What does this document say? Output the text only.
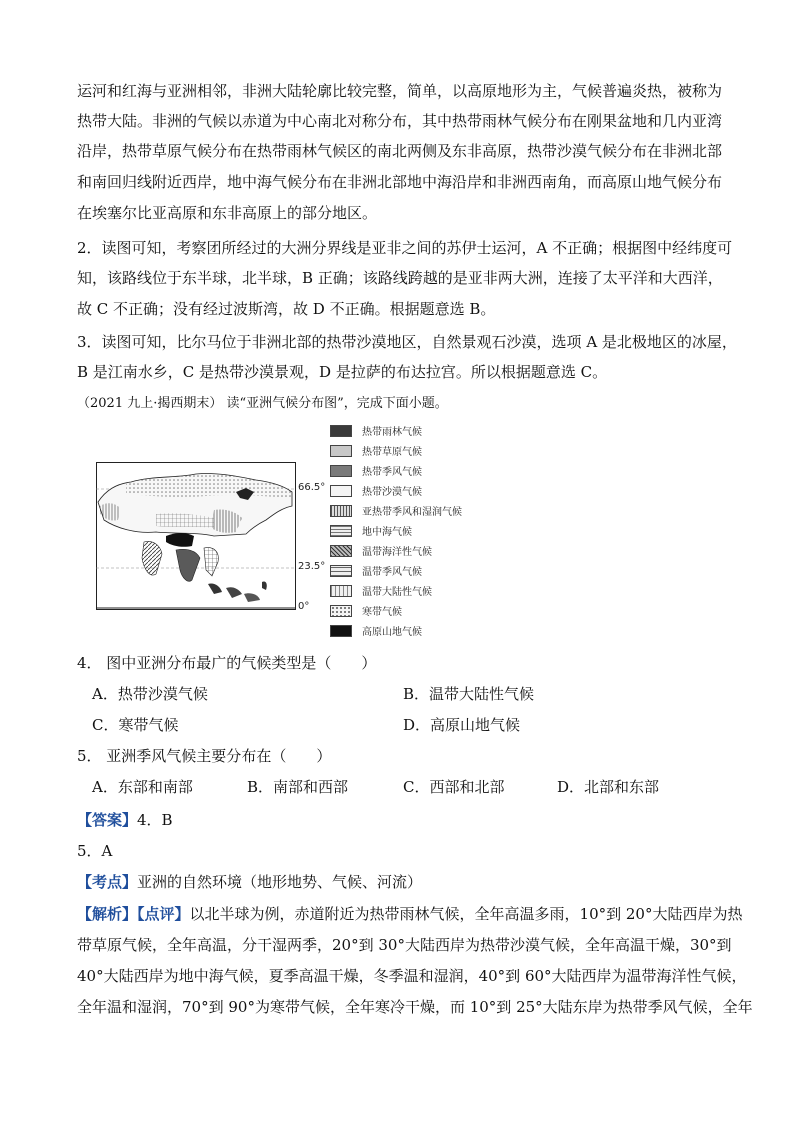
运河和红海与亚洲相邻，非洲大陆轮廓比较完整，简单，以高原地形为主，气候普遍炎热，被称为
热带大陆。非洲的气候以赤道为中心南北对称分布，其中热带雨林气候分布在刚果盆地和几内亚湾
沿岸，热带草原气候分布在热带雨林气候区的南北两侧及东非高原，热带沙漠气候分布在非洲北部
和南回归线附近西岸，地中海气候分布在非洲北部地中海沿岸和非洲西南角，而高原山地气候分布
在埃塞尔比亚高原和东非高原上的部分地区。
2．读图可知，考察团所经过的大洲分界线是亚非之间的苏伊士运河，A 不正确；根据图中经纬度可
知，该路线位于东半球，北半球，B 正确；该路线跨越的是亚非两大洲，连接了太平洋和大西洋，
故 C 不正确；没有经过波斯湾，故 D 不正确。根据题意选 B。
3．读图可知，比尔马位于非洲北部的热带沙漠地区，自然景观石沙漠，选项 A 是北极地区的冰屋，
B 是江南水乡，C 是热带沙漠景观，D 是拉萨的布达拉宫。所以根据题意选 C。
（2021 九上·揭西期末） 读“亚洲气候分布图”，完成下面小题。
66.5°
23.5°
0°
热带雨林气候
热带草原气候
热带季风气候
热带沙漠气候
亚热带季风和湿润气候
地中海气候
温带海洋性气候
温带季风气候
温带大陆性气候
寒带气候
高原山地气候
4． 图中亚洲分布最广的气候类型是（　　）
A．热带沙漠气候	B．温带大陆性气候
C．寒带气候	D．高原山地气候
5． 亚洲季风气候主要分布在（　　）
A．东部和南部	B．南部和西部	C．西部和北部	D．北部和东部
【答案】4．B
5．A
【考点】亚洲的自然环境（地形地势、气候、河流）
【解析】【点评】以北半球为例，赤道附近为热带雨林气候，全年高温多雨，10°到 20°大陆西岸为热
带草原气候，全年高温，分干湿两季，20°到 30°大陆西岸为热带沙漠气候，全年高温干燥，30°到
40°大陆西岸为地中海气候，夏季高温干燥，冬季温和湿润，40°到 60°大陆西岸为温带海洋性气候，
全年温和湿润，70°到 90°为寒带气候，全年寒冷干燥，而 10°到 25°大陆东岸为热带季风气候，全年
